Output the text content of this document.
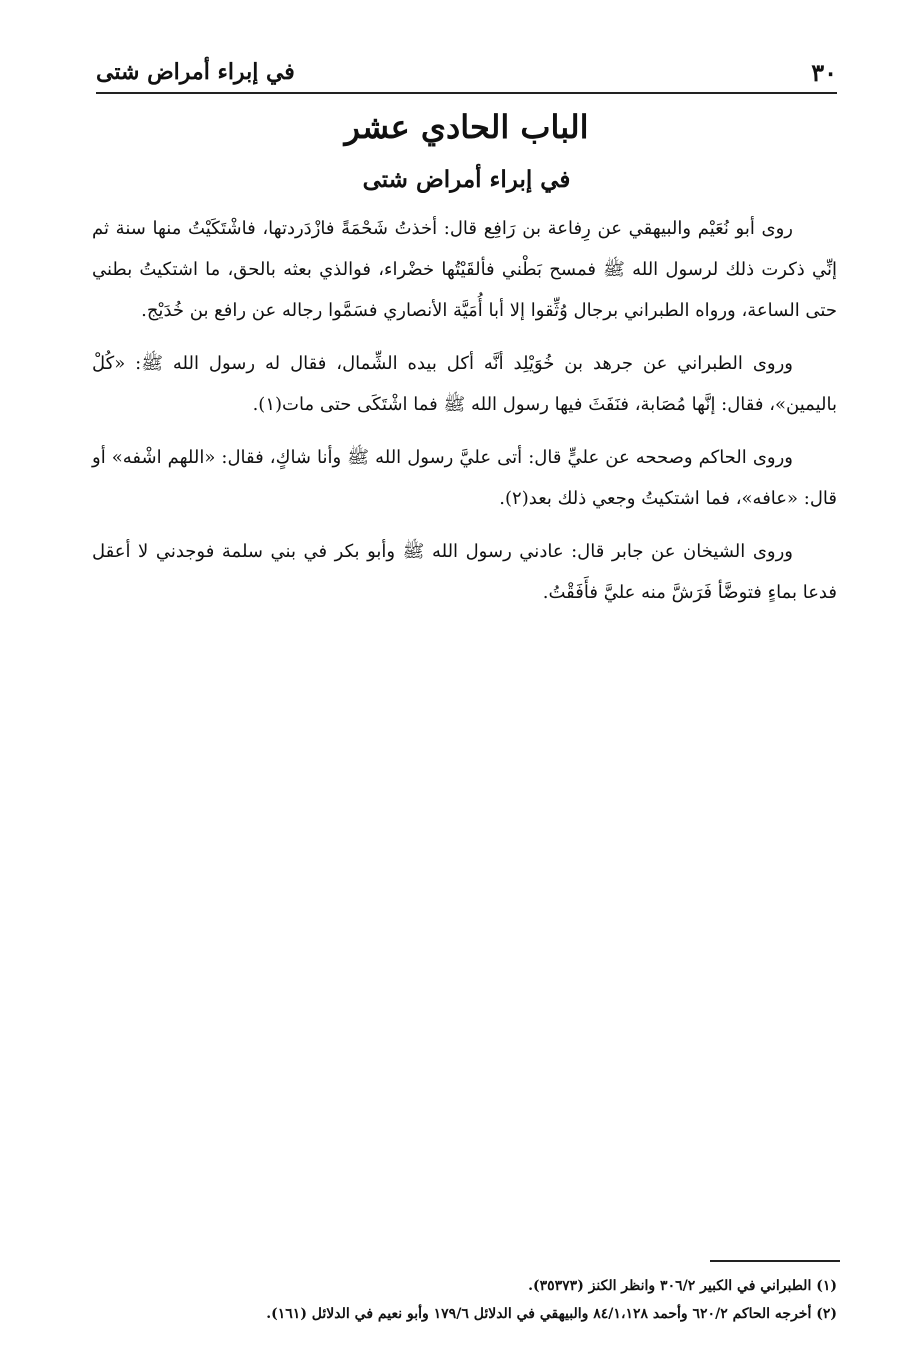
٣٠
في إبراء أمراض شتى
الباب الحادي عشر
في إبراء أمراض شتى

روى أبو نُعَيْم والبيهقي عن رِفاعة بن رَافِع قال: أخذتُ شَحْمَةً فازْدَردتها، فاشْتَكَيْتُ منها سنة ثم إنِّي ذكرت ذلك لرسول الله ﷺ فمسح بَطْني فألقَيْتُها خضْراء، فوالذي بعثه بالحق، ما اشتكيتُ بطني حتى الساعة، ورواه الطبراني برجال وُثِّقوا إلا أبا أُمَيَّة الأنصاري فسَمَّوا رجاله عن رافع بن خُدَيْج.

وروى الطبراني عن جرهد بن خُوَيْلِد أنَّه أكل بيده الشِّمال، فقال له رسول الله ﷺ: «كُلْ باليمين»، فقال: إنَّها مُصَابة، فنَفَثَ فيها رسول الله ﷺ فما اشْتَكَى حتى مات(١).

وروى الحاكم وصححه عن عليٍّ قال: أتى عليَّ رسول الله ﷺ وأنا شاكٍ، فقال: «اللهم اشْفه» أو قال: «عافه»، فما اشتكيتُ وجعي ذلك بعد(٢).

وروى الشيخان عن جابر قال: عادني رسول الله ﷺ وأبو بكر في بني سلمة فوجدني لا أعقل فدعا بماءٍ فتوضَّأ فَرَشَّ منه عليَّ فأَفَقْتُ.

(١) الطبراني في الكبير ٣٠٦/٢ وانظر الكنز (٣٥٣٧٣).

(٢) أخرجه الحاكم ٦٢٠/٢ وأحمد ٨٤/١،١٢٨ والبيهقي في الدلائل ١٧٩/٦ وأبو نعيم في الدلائل (١٦١).
